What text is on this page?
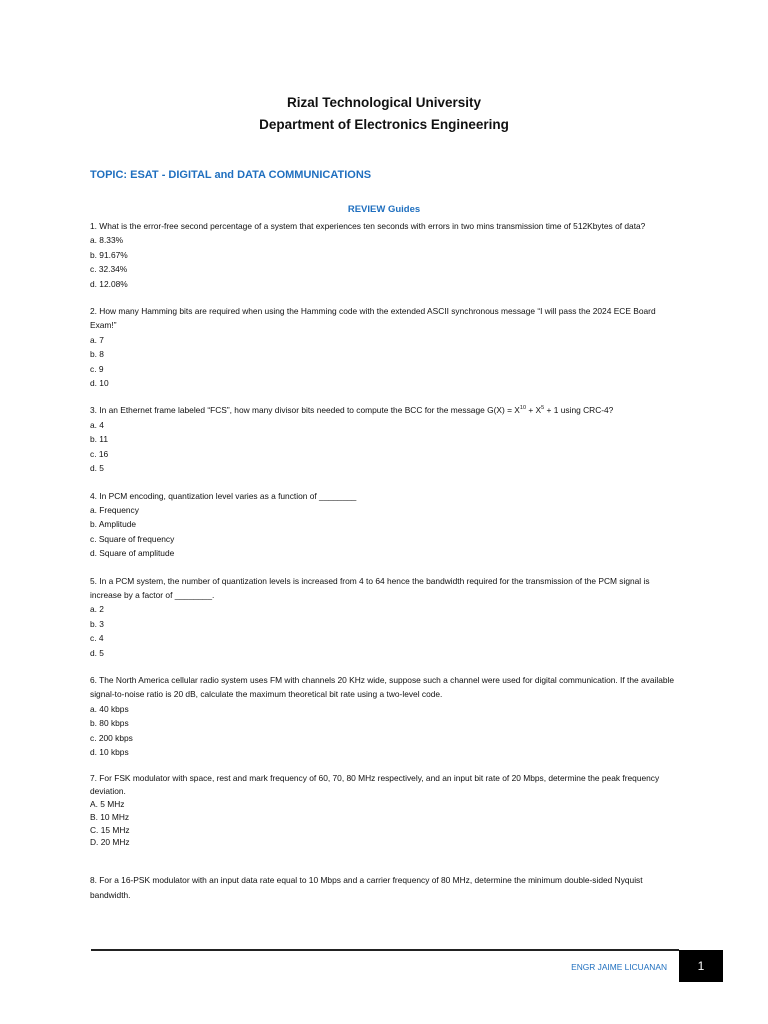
Rizal Technological University
Department of Electronics Engineering
TOPIC: ESAT - DIGITAL and DATA COMMUNICATIONS
REVIEW Guides

1. What is the error-free second percentage of a system that experiences ten seconds with errors in two mins transmission time of 512Kbytes of data?

a. 8.33%

b. 91.67%

c. 32.34%

d. 12.08%

2. How many Hamming bits are required when using the Hamming code with the extended ASCII synchronous message “I will pass the 2024 ECE Board Exam!”

a. 7

b. 8

c. 9

d. 10

3. In an Ethernet frame labeled “FCS”, how many divisor bits needed to compute the BCC for the message $G(X) = X^{10} + X^5 + 1$ using CRC-4?

a. 4

b. 11

c. 16

d. 5

4. In PCM encoding, quantization level varies as a function of ________

a. Frequency

b. Amplitude

c. Square of frequency

d. Square of amplitude

5. In a PCM system, the number of quantization levels is increased from 4 to 64 hence the bandwidth required for the transmission of the PCM signal is increase by a factor of ________.

a. 2

b. 3

c. 4

d. 5

6. The North America cellular radio system uses FM with channels 20 KHz wide, suppose such a channel were used for digital communication. If the available signal-to-noise ratio is 20 dB, calculate the maximum theoretical bit rate using a two-level code.

a. 40 kbps

b. 80 kbps

c. 200 kbps

d. 10 kbps

7. For FSK modulator with space, rest and mark frequency of 60, 70, 80 MHz respectively, and an input bit rate of 20 Mbps, determine the peak frequency deviation.

A. 5 MHz

B. 10 MHz

C. 15 MHz

D. 20 MHz

8. For a 16-PSK modulator with an input data rate equal to 10 Mbps and a carrier frequency of 80 MHz, determine the minimum double-sided Nyquist bandwidth.

ENGR JAIME LICUANAN	1
